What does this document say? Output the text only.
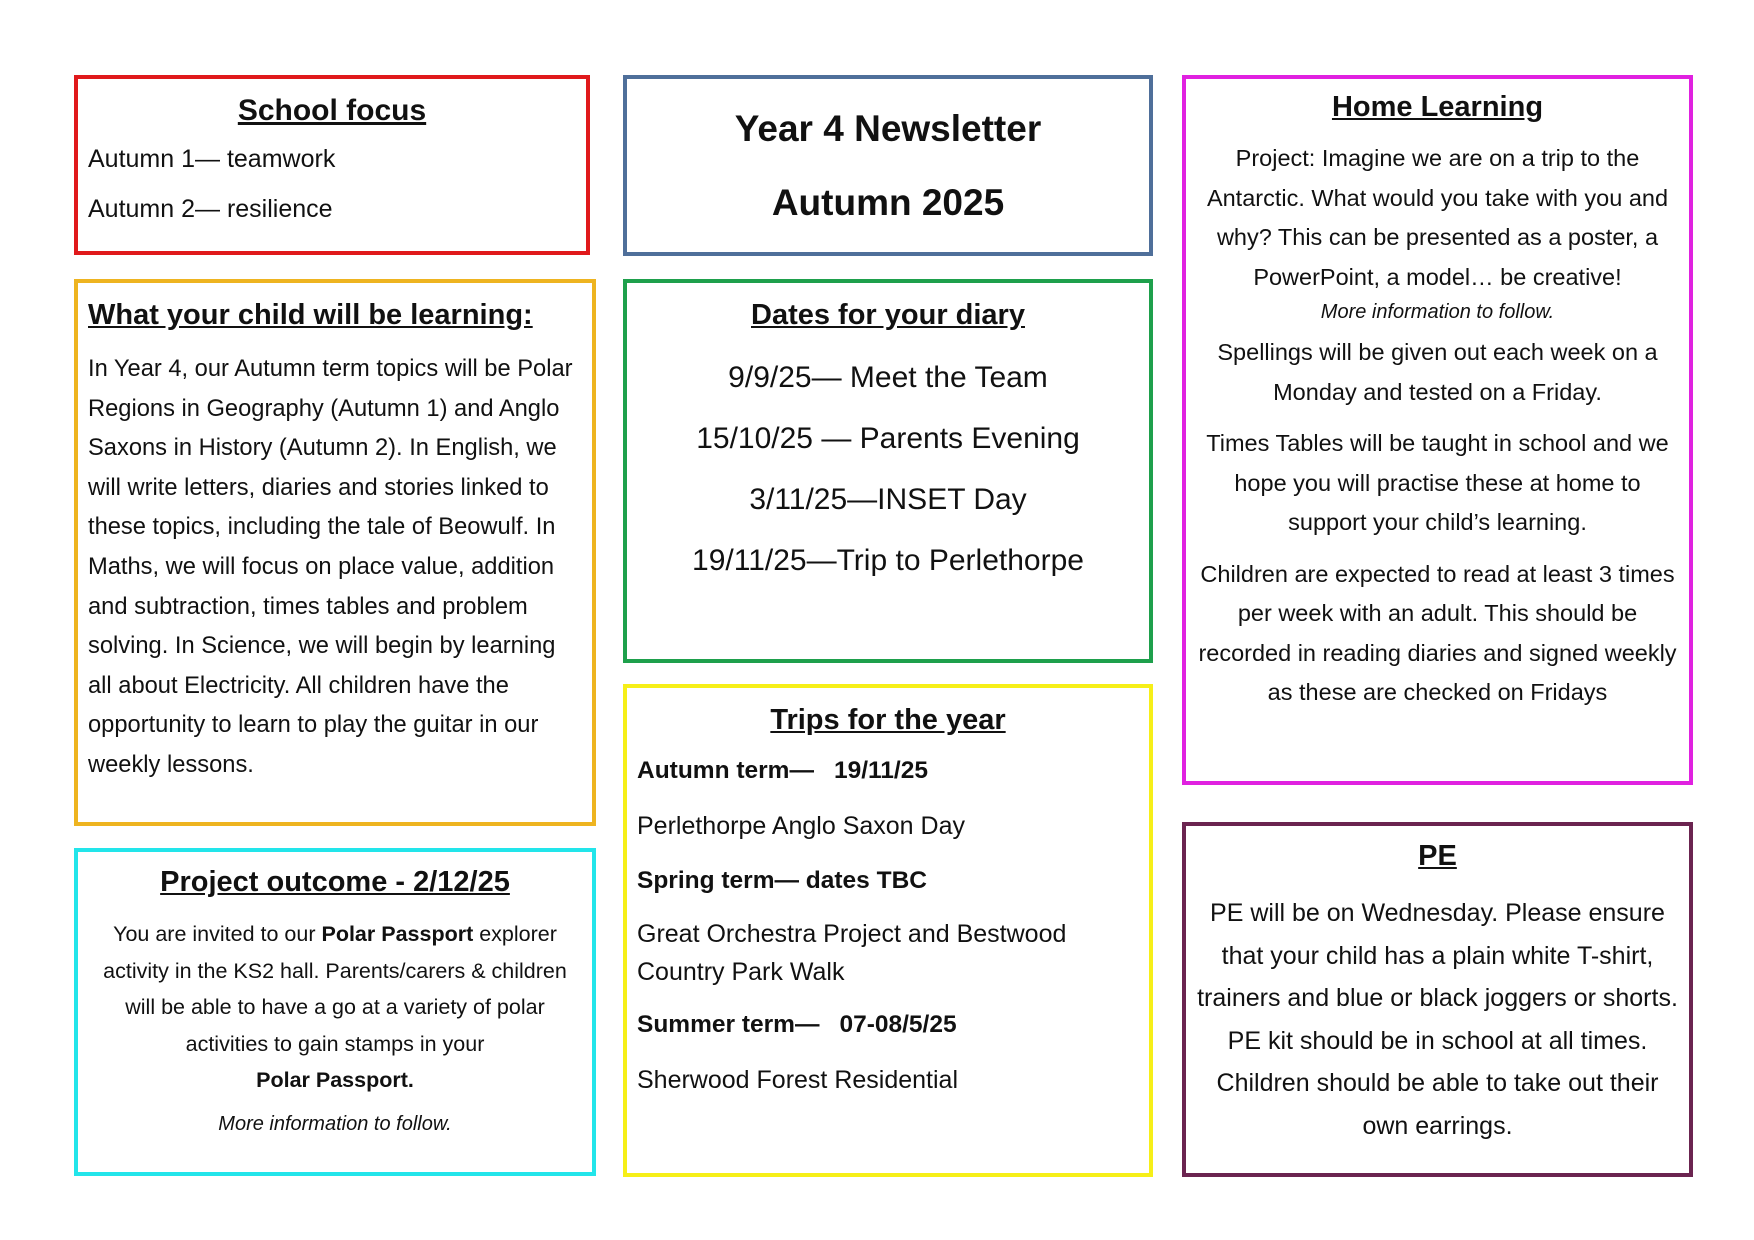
School focus

Autumn 1— teamwork

Autumn 2— resilience

Year 4 Newsletter
Autumn 2025
Home Learning

Project: Imagine we are on a trip to the Antarctic. What would you take with you and why? This can be presented as a poster, a PowerPoint, a model… be creative!

More information to follow.

Spellings will be given out each week on a Monday and tested on a Friday.

Times Tables will be taught in school and we hope you will practise these at home to support your child’s learning.

Children are expected to read at least 3 times per week with an adult. This should be recorded in reading diaries and signed weekly as these are checked on Fridays

What your child will be learning:

In Year 4, our Autumn term topics will be Polar Regions in Geography (Autumn 1) and Anglo Saxons in History (Autumn 2). In English, we will write letters, diaries and stories linked to these topics, including the tale of Beowulf. In Maths, we will focus on place value, addition and subtraction, times tables and problem solving. In Science, we will begin by learning all about Electricity. All children have the opportunity to learn to play the guitar in our weekly lessons.

Dates for your diary
9/9/25— Meet the Team
15/10/25 — Parents Evening
3/11/25—INSET Day
19/11/25—Trip to Perlethorpe
Trips for the year
Autumn term— 19/11/25
Perlethorpe Anglo Saxon Day
Spring term— dates TBC
Great Orchestra Project and Bestwood Country Park Walk
Summer term— 07-08/5/25
Sherwood Forest Residential
Project outcome - 2/12/25

You are invited to our Polar Passport explorer activity in the KS2 hall. Parents/carers & children will be able to have a go at a variety of polar activities to gain stamps in your
Polar Passport.

More information to follow.

PE

PE will be on Wednesday. Please ensure that your child has a plain white T-shirt, trainers and blue or black joggers or shorts. PE kit should be in school at all times. Children should be able to take out their own earrings.
